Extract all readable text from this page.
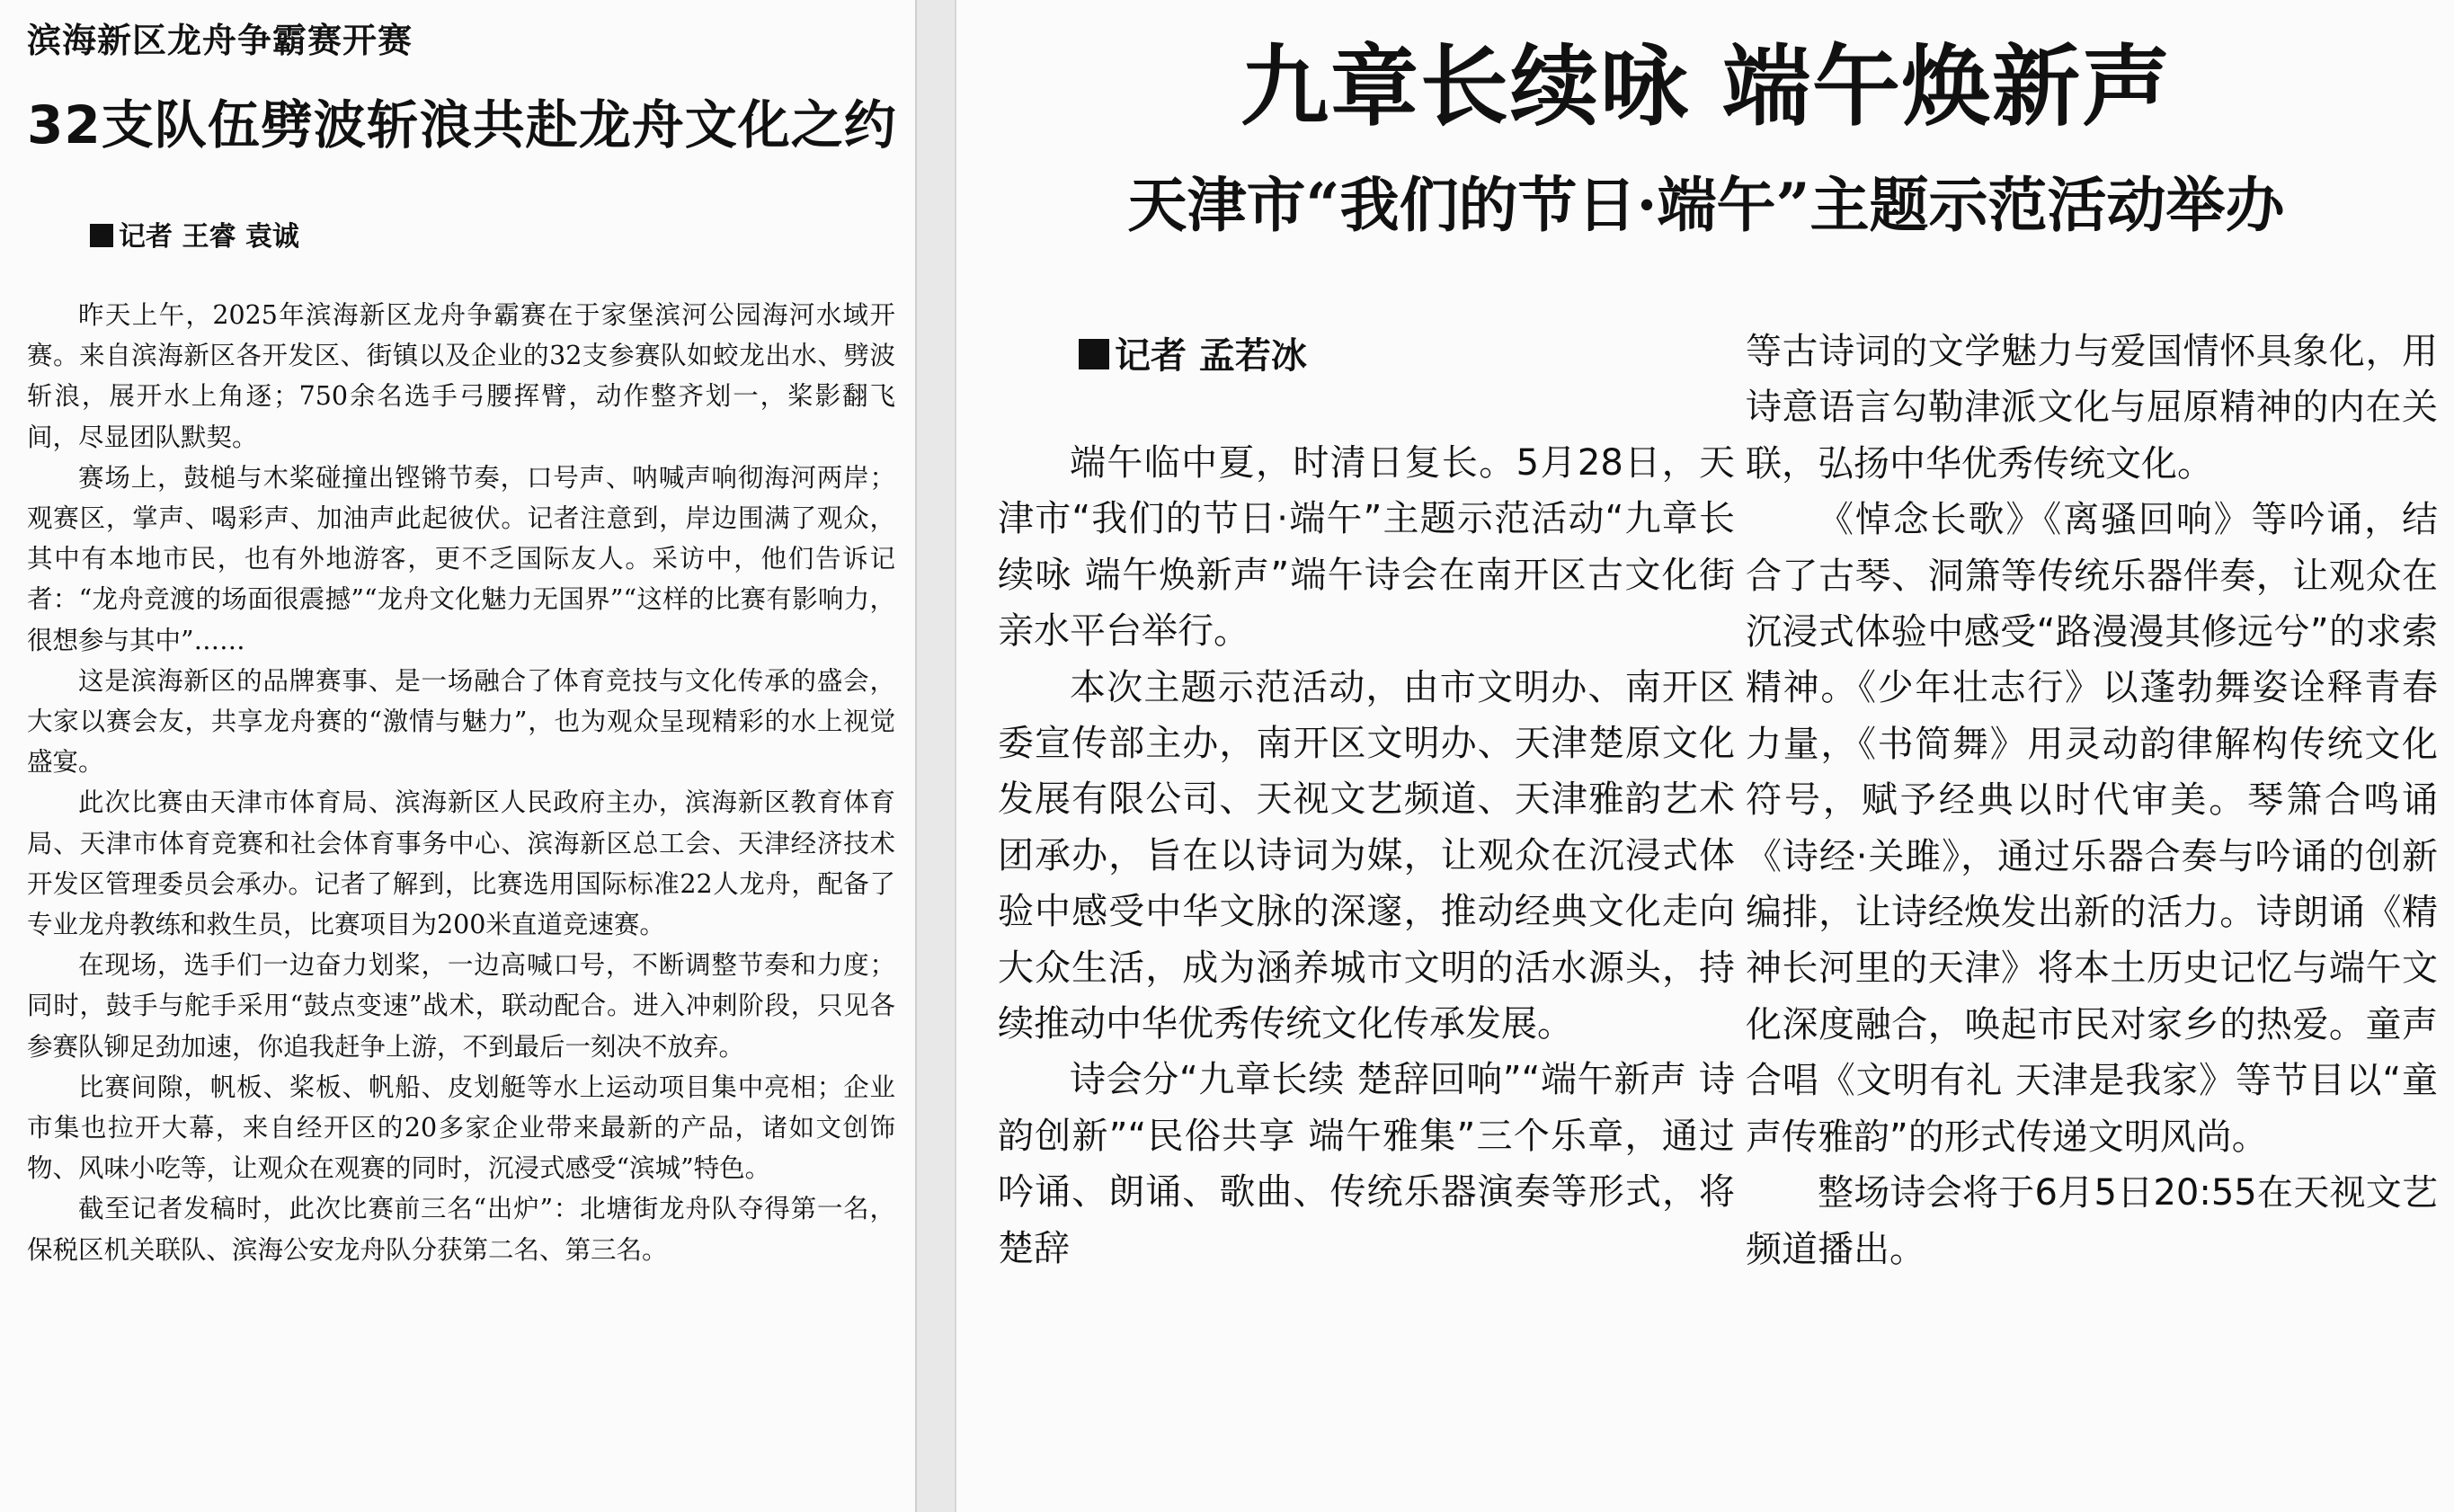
滨海新区龙舟争霸赛开赛
32支队伍劈波斩浪共赴龙舟文化之约
记者 王睿 袁诚

昨天上午，2025年滨海新区龙舟争霸赛在于家堡滨河公园海河水域开赛。来自滨海新区各开发区、街镇以及企业的32支参赛队如蛟龙出水、劈波斩浪，展开水上角逐；750余名选手弓腰挥臂，动作整齐划一，桨影翻飞间，尽显团队默契。

赛场上，鼓槌与木桨碰撞出铿锵节奏，口号声、呐喊声响彻海河两岸；观赛区，掌声、喝彩声、加油声此起彼伏。记者注意到，岸边围满了观众，其中有本地市民，也有外地游客，更不乏国际友人。采访中，他们告诉记者：“龙舟竞渡的场面很震撼”“龙舟文化魅力无国界”“这样的比赛有影响力，很想参与其中”……

这是滨海新区的品牌赛事、是一场融合了体育竞技与文化传承的盛会，大家以赛会友，共享龙舟赛的“激情与魅力”，也为观众呈现精彩的水上视觉盛宴。

此次比赛由天津市体育局、滨海新区人民政府主办，滨海新区教育体育局、天津市体育竞赛和社会体育事务中心、滨海新区总工会、天津经济技术开发区管理委员会承办。记者了解到，比赛选用国际标准22人龙舟，配备了专业龙舟教练和救生员，比赛项目为200米直道竞速赛。

在现场，选手们一边奋力划桨，一边高喊口号，不断调整节奏和力度；同时，鼓手与舵手采用“鼓点变速”战术，联动配合。进入冲刺阶段，只见各参赛队铆足劲加速，你追我赶争上游，不到最后一刻决不放弃。

比赛间隙，帆板、桨板、帆船、皮划艇等水上运动项目集中亮相；企业市集也拉开大幕，来自经开区的20多家企业带来最新的产品，诸如文创饰物、风味小吃等，让观众在观赛的同时，沉浸式感受“滨城”特色。

截至记者发稿时，此次比赛前三名“出炉”：北塘街龙舟队夺得第一名，保税区机关联队、滨海公安龙舟队分获第二名、第三名。

九章长续咏 端午焕新声
天津市“我们的节日·端午”主题示范活动举办
记者 孟若冰

端午临中夏，时清日复长。5月28日，天津市“我们的节日·端午”主题示范活动“九章长续咏 端午焕新声”端午诗会在南开区古文化街亲水平台举行。

本次主题示范活动，由市文明办、南开区委宣传部主办，南开区文明办、天津楚原文化发展有限公司、天视文艺频道、天津雅韵艺术团承办，旨在以诗词为媒，让观众在沉浸式体验中感受中华文脉的深邃，推动经典文化走向大众生活，成为涵养城市文明的活水源头，持续推动中华优秀传统文化传承发展。

诗会分“九章长续 楚辞回响”“端午新声 诗韵创新”“民俗共享 端午雅集”三个乐章，通过吟诵、朗诵、歌曲、传统乐器演奏等形式，将楚辞

等古诗词的文学魅力与爱国情怀具象化，用诗意语言勾勒津派文化与屈原精神的内在关联，弘扬中华优秀传统文化。

《悼念长歌》《离骚回响》等吟诵，结合了古琴、洞箫等传统乐器伴奏，让观众在沉浸式体验中感受“路漫漫其修远兮”的求索精神。《少年壮志行》以蓬勃舞姿诠释青春力量，《书简舞》用灵动韵律解构传统文化符号，赋予经典以时代审美。琴箫合鸣诵《诗经·关雎》，通过乐器合奏与吟诵的创新编排，让诗经焕发出新的活力。诗朗诵《精神长河里的天津》将本土历史记忆与端午文化深度融合，唤起市民对家乡的热爱。童声合唱《文明有礼 天津是我家》等节目以“童声传雅韵”的形式传递文明风尚。

整场诗会将于6月5日20:55在天视文艺频道播出。
